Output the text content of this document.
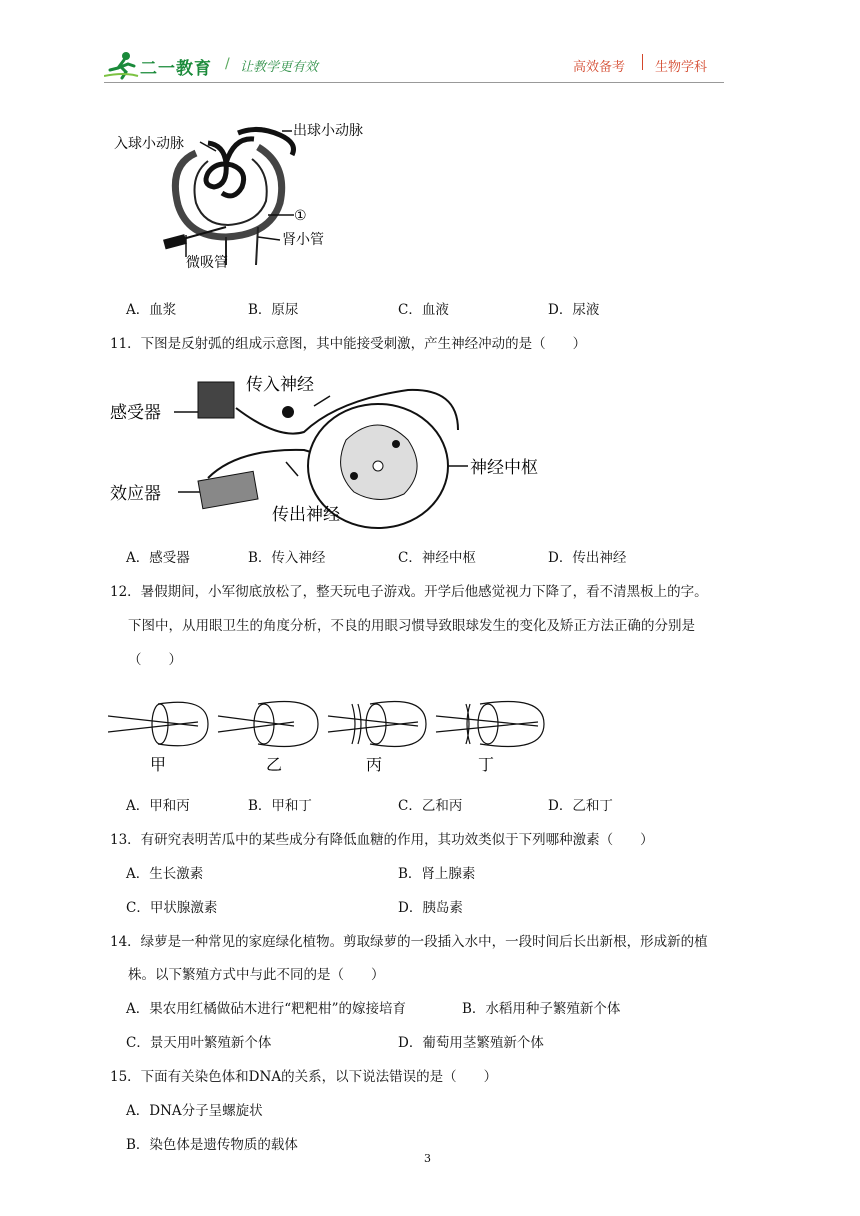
二一教育 / 让教学更有效	高效备考 生物学科
入球小动脉
出球小动脉
①
肾小管
微吸管
A．血浆	B．原尿	C．血液	D．尿液
11．下图是反射弧的组成示意图，其中能接受刺激，产生神经冲动的是（　　）
感受器
传入神经
神经中枢
效应器
传出神经
A．感受器	B．传入神经	C．神经中枢	D．传出神经
12．暑假期间，小军彻底放松了，整天玩电子游戏。开学后他感觉视力下降了，看不清黑板上的字。
下图中，从用眼卫生的角度分析，不良的用眼习惯导致眼球发生的变化及矫正方法正确的分别是
（　　）
甲	乙	丙	丁
A．甲和丙	B．甲和丁	C．乙和丙	D．乙和丁
13．有研究表明苦瓜中的某些成分有降低血糖的作用，其功效类似于下列哪种激素（　　）
A．生长激素	B．肾上腺素
C．甲状腺激素	D．胰岛素
14．绿萝是一种常见的家庭绿化植物。剪取绿萝的一段插入水中，一段时间后长出新根，形成新的植
株。以下繁殖方式中与此不同的是（　　）
A．果农用红橘做砧木进行“粑粑柑”的嫁接培育	B．水稻用种子繁殖新个体
C．景天用叶繁殖新个体	D．葡萄用茎繁殖新个体
15．下面有关染色体和DNA的关系，以下说法错误的是（　　）
A．DNA分子呈螺旋状
B．染色体是遗传物质的载体
3
